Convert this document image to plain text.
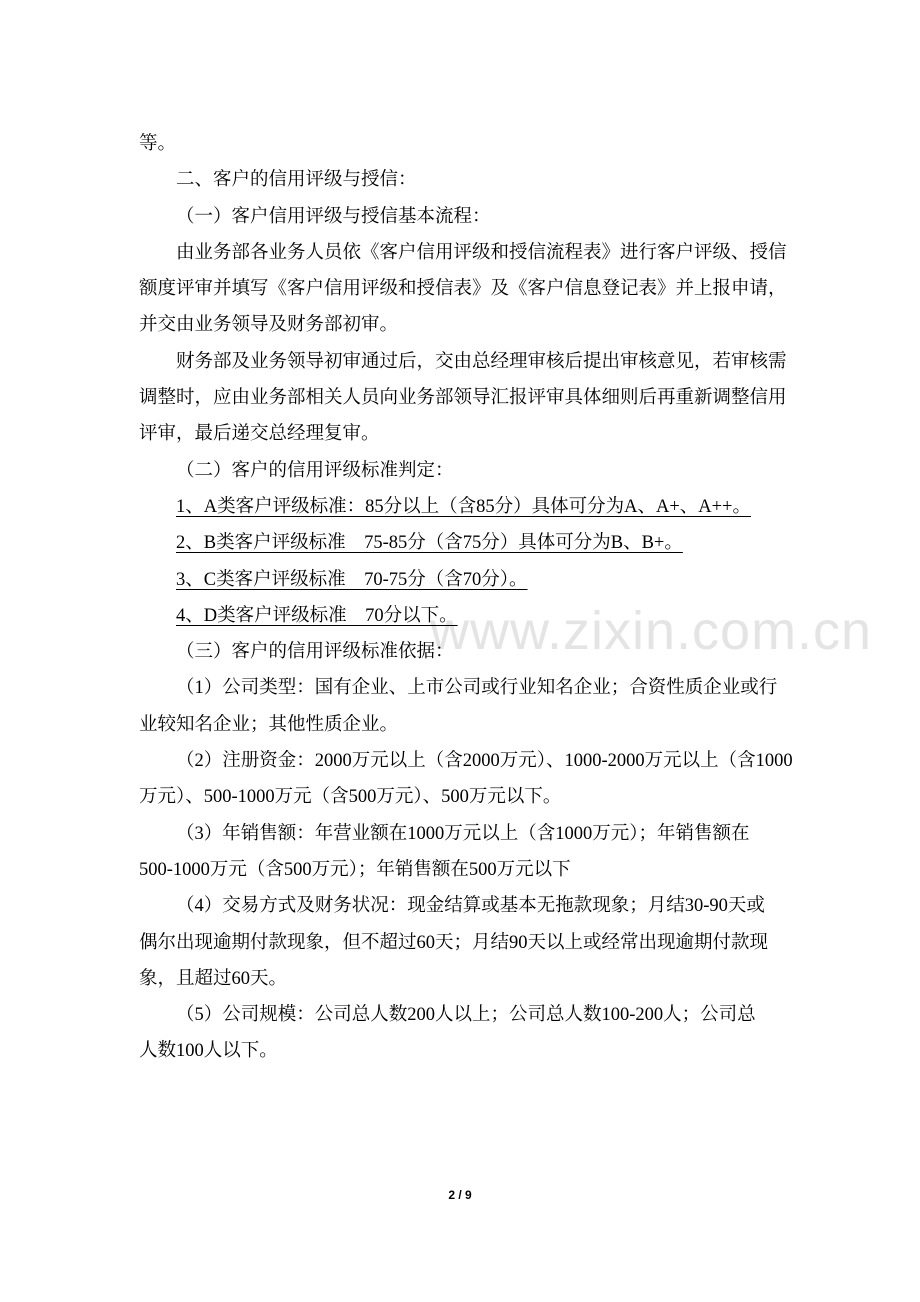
www.zixin.com.cn
等。
二、客户的信用评级与授信：
（一）客户信用评级与授信基本流程：
由业务部各业务人员依《客户信用评级和授信流程表》进行客户评级、授信
额度评审并填写《客户信用评级和授信表》及《客户信息登记表》并上报申请，
并交由业务领导及财务部初审。
财务部及业务领导初审通过后，交由总经理审核后提出审核意见，若审核需
调整时，应由业务部相关人员向业务部领导汇报评审具体细则后再重新调整信用
评审，最后递交总经理复审。
（二）客户的信用评级标准判定：
1、A类客户评级标准：85分以上（含85分）具体可分为A、A+、A++。
2、B类客户评级标准　75-85分（含75分）具体可分为B、B+。
3、C类客户评级标准　70-75分（含70分）。
4、D类客户评级标准　70分以下。
（三）客户的信用评级标准依据：
（1）公司类型：国有企业、上市公司或行业知名企业；合资性质企业或行
业较知名企业；其他性质企业。
（2）注册资金：2000万元以上（含2000万元）、1000-2000万元以上（含1000
万元）、500-1000万元（含500万元）、500万元以下。
（3）年销售额：年营业额在1000万元以上（含1000万元）；年销售额在
500-1000万元（含500万元）；年销售额在500万元以下
（4）交易方式及财务状况：现金结算或基本无拖款现象；月结30-90天或
偶尔出现逾期付款现象，但不超过60天；月结90天以上或经常出现逾期付款现
象，且超过60天。
（5）公司规模：公司总人数200人以上；公司总人数100-200人；公司总
人数100人以下。
2 / 9
